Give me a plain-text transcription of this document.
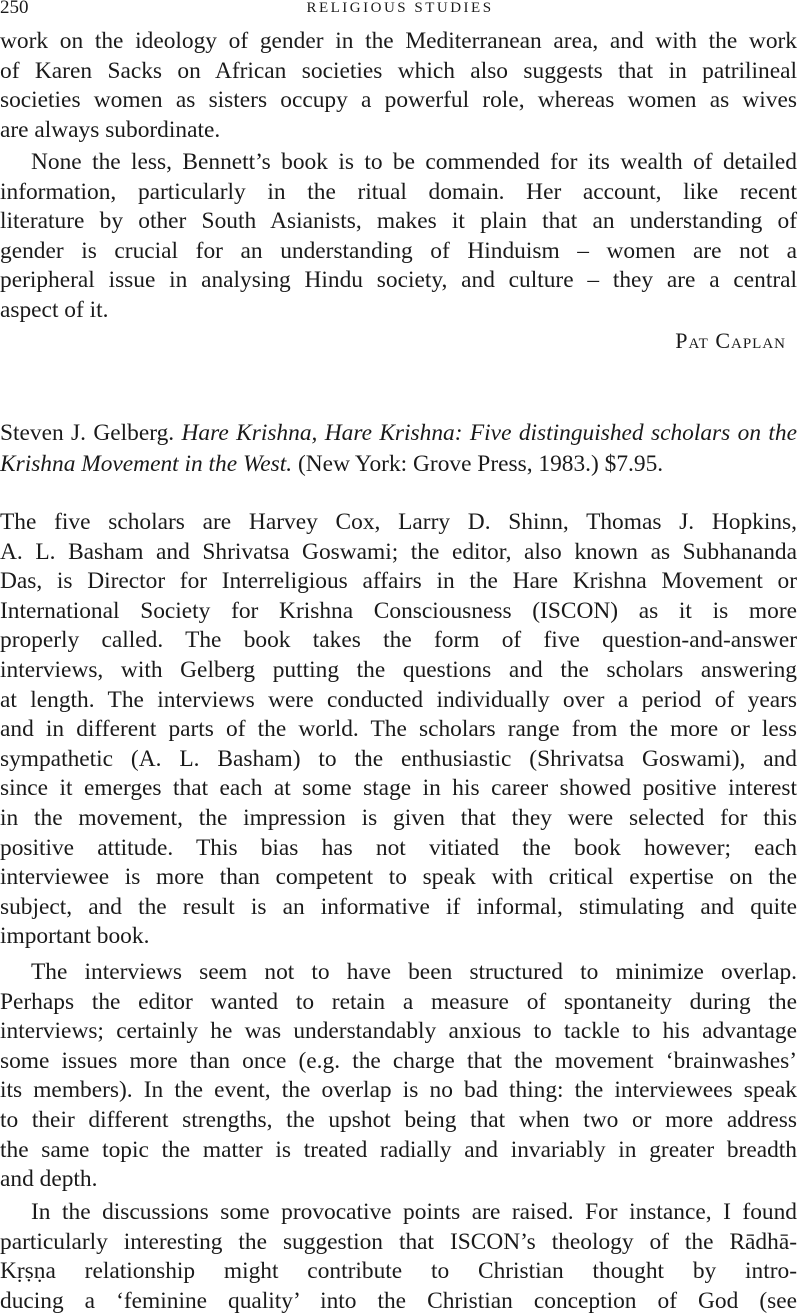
250	RELIGIOUS STUDIES
work on the ideology of gender in the Mediterranean area, and with the work
of Karen Sacks on African societies which also suggests that in patrilineal
societies women as sisters occupy a powerful role, whereas women as wives
are always subordinate.
None the less, Bennett’s book is to be commended for its wealth of detailed
information, particularly in the ritual domain. Her account, like recent
literature by other South Asianists, makes it plain that an understanding of
gender is crucial for an understanding of Hinduism – women are not a
peripheral issue in analysing Hindu society, and culture – they are a central
aspect of it.
Pat Caplan
Steven J. Gelberg. Hare Krishna, Hare Krishna: Five distinguished scholars on the
Krishna Movement in the West. (New York: Grove Press, 1983.) $7.95.
The five scholars are Harvey Cox, Larry D. Shinn, Thomas J. Hopkins,
A. L. Basham and Shrivatsa Goswami; the editor, also known as Subhananda
Das, is Director for Interreligious affairs in the Hare Krishna Movement or
International Society for Krishna Consciousness (ISCON) as it is more
properly called. The book takes the form of five question-and-answer
interviews, with Gelberg putting the questions and the scholars answering
at length. The interviews were conducted individually over a period of years
and in different parts of the world. The scholars range from the more or less
sympathetic (A. L. Basham) to the enthusiastic (Shrivatsa Goswami), and
since it emerges that each at some stage in his career showed positive interest
in the movement, the impression is given that they were selected for this
positive attitude. This bias has not vitiated the book however; each
interviewee is more than competent to speak with critical expertise on the
subject, and the result is an informative if informal, stimulating and quite
important book.
The interviews seem not to have been structured to minimize overlap.
Perhaps the editor wanted to retain a measure of spontaneity during the
interviews; certainly he was understandably anxious to tackle to his advantage
some issues more than once (e.g. the charge that the movement ‘brainwashes’
its members). In the event, the overlap is no bad thing: the interviewees speak
to their different strengths, the upshot being that when two or more address
the same topic the matter is treated radially and invariably in greater breadth
and depth.
In the discussions some provocative points are raised. For instance, I found
particularly interesting the suggestion that ISCON’s theology of the Rādhā-
Kṛṣṇa relationship might contribute to Christian thought by intro-
ducing a ‘feminine quality’ into the Christian conception of God (see
